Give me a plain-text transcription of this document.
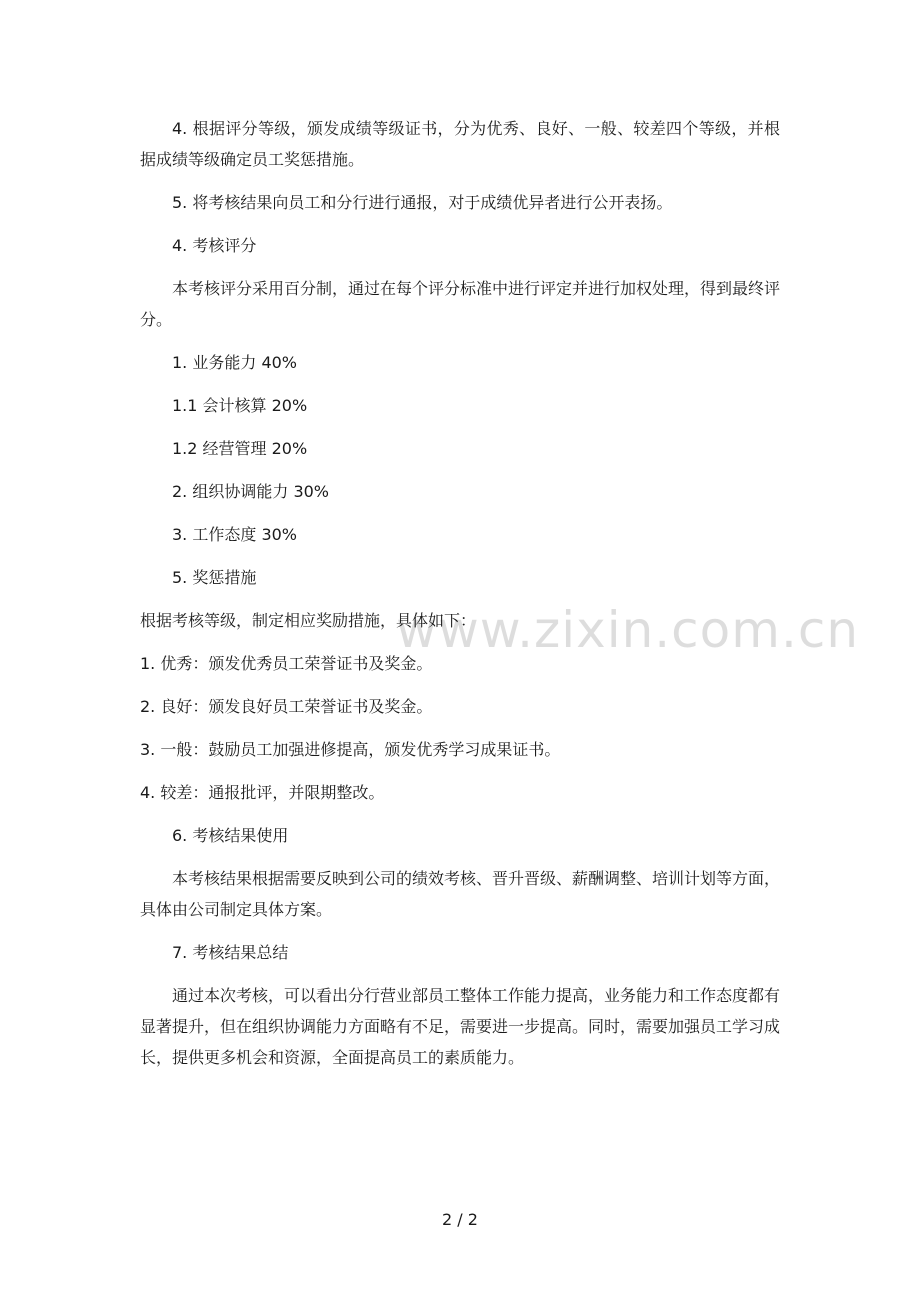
4. 根据评分等级，颁发成绩等级证书，分为优秀、良好、一般、较差四个等级，并根据成绩等级确定员工奖惩措施。

5. 将考核结果向员工和分行进行通报，对于成绩优异者进行公开表扬。

4. 考核评分

本考核评分采用百分制，通过在每个评分标准中进行评定并进行加权处理，得到最终评分。

1. 业务能力 40%

1.1 会计核算 20%

1.2 经营管理 20%

2. 组织协调能力 30%

3. 工作态度 30%

5. 奖惩措施

根据考核等级，制定相应奖励措施，具体如下：

1. 优秀：颁发优秀员工荣誉证书及奖金。

2. 良好：颁发良好员工荣誉证书及奖金。

3. 一般：鼓励员工加强进修提高，颁发优秀学习成果证书。

4. 较差：通报批评，并限期整改。

6. 考核结果使用

本考核结果根据需要反映到公司的绩效考核、晋升晋级、薪酬调整、培训计划等方面，具体由公司制定具体方案。

7. 考核结果总结

通过本次考核，可以看出分行营业部员工整体工作能力提高，业务能力和工作态度都有显著提升，但在组织协调能力方面略有不足，需要进一步提高。同时，需要加强员工学习成长，提供更多机会和资源，全面提高员工的素质能力。

www.zixin.com.cn
2 / 2
